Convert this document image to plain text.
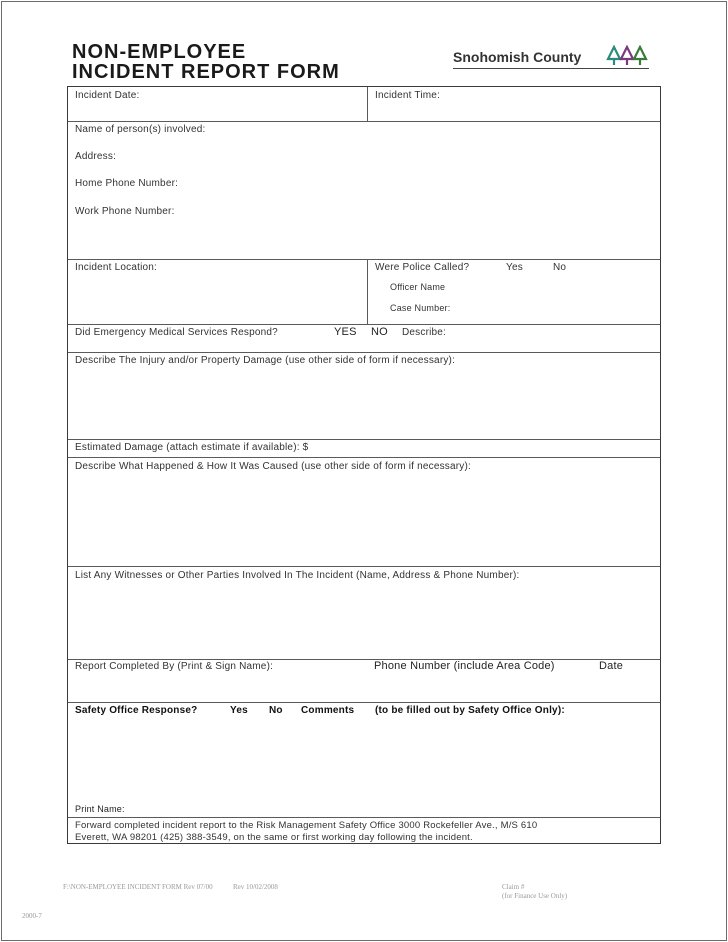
NON-EMPLOYEE
INCIDENT REPORT FORM
Snohomish County
Incident Date:	Incident Time:
Name of person(s) involved:
Address:
Home Phone Number:
Work Phone Number:
Incident Location:	Were Police Called?	Yes	No
Officer Name
Case Number:
Did Emergency Medical Services Respond?	YES NO Describe:
Describe The Injury and/or Property Damage (use other side of form if necessary):
Estimated Damage (attach estimate if available): $
Describe What Happened & How It Was Caused (use other side of form if necessary):
List Any Witnesses or Other Parties Involved In The Incident (Name, Address & Phone Number):
Report Completed By (Print & Sign Name):	Phone Number (include Area Code)	Date
Safety Office Response?	Yes No Comments (to be filled out by Safety Office Only):
Print Name:
Forward completed incident report to the Risk Management Safety Office 3000 Rockefeller Ave., M/S 610
Everett, WA 98201 (425) 388-3549, on the same or first working day following the incident.
F:\NON-EMPLOYEE INCIDENT FORM Rev 07/00	Rev 10/02/2008	Claim #
(for Finance Use Only)
2000-7
